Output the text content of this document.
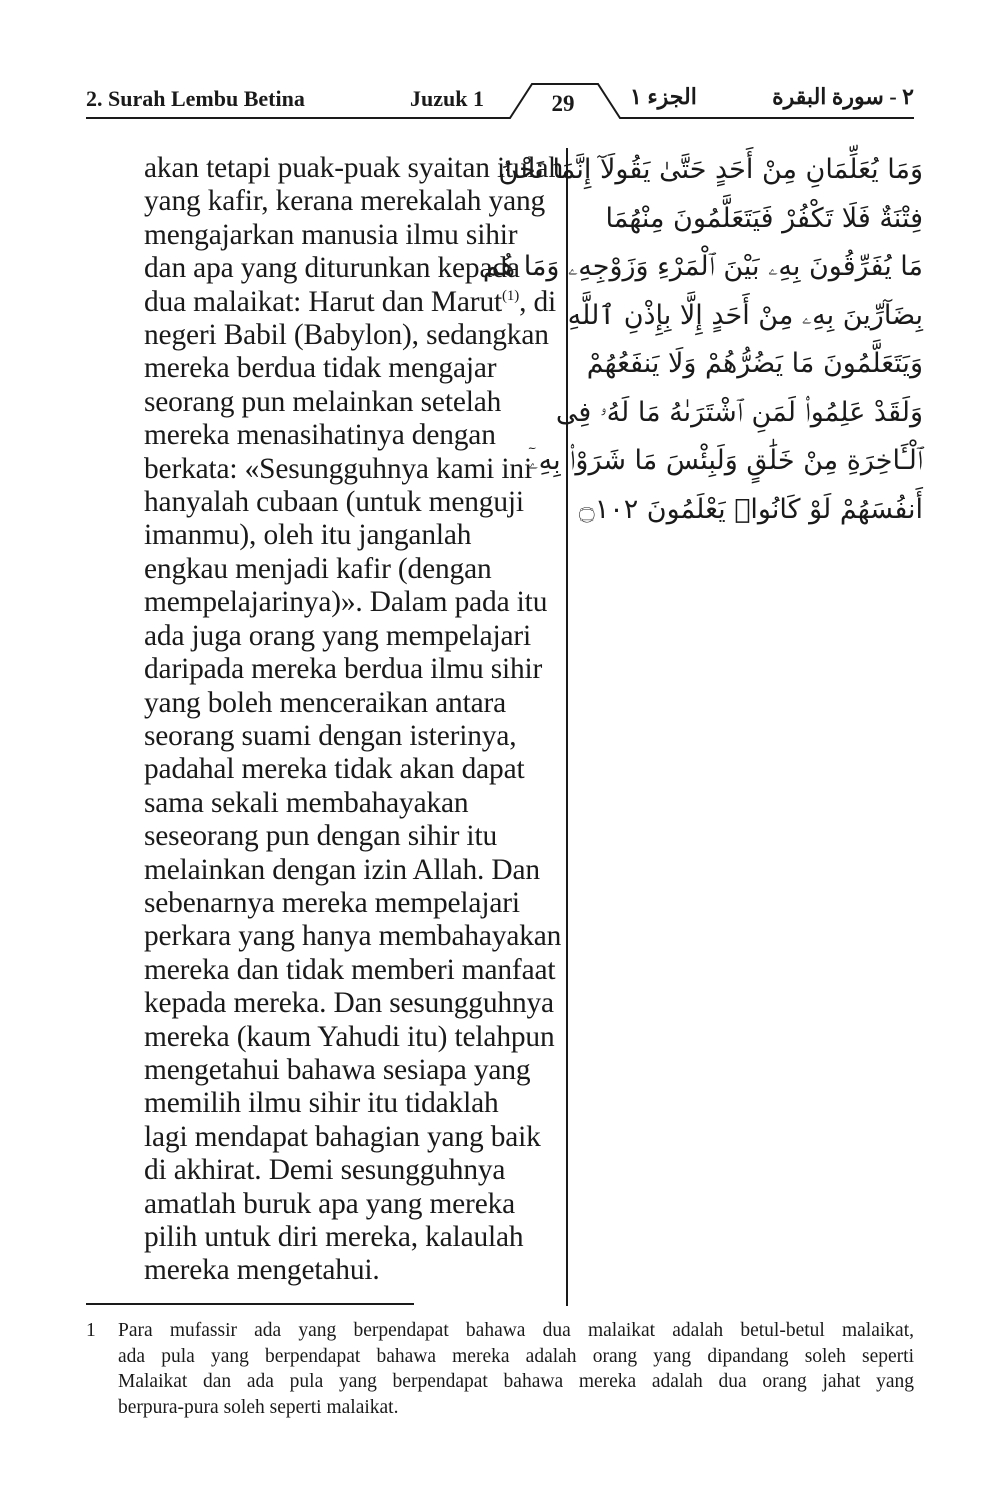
2. Surah Lembu Betina	Juzuk 1	29	الجزء ١	٢ - سورة البقرة
akan tetapi puak-puak syaitan itulah
yang kafir, kerana merekalah yang
mengajarkan manusia ilmu sihir
dan apa yang diturunkan kepada
dua malaikat: Harut dan Marut$^{(1)}$, di
negeri Babil (Babylon), sedangkan
mereka berdua tidak mengajar
seorang pun melainkan setelah
mereka menasihatinya dengan
berkata: «Sesungguhnya kami ini
hanyalah cubaan (untuk menguji
imanmu), oleh itu janganlah
engkau menjadi kafir (dengan
mempelajarinya)». Dalam pada itu
ada juga orang yang mempelajari
daripada mereka berdua ilmu sihir
yang boleh menceraikan antara
seorang suami dengan isterinya,
padahal mereka tidak akan dapat
sama sekali membahayakan
seseorang pun dengan sihir itu
melainkan dengan izin Allah. Dan
sebenarnya mereka mempelajari
perkara yang hanya membahayakan
mereka dan tidak memberi manfaat
kepada mereka. Dan sesungguhnya
mereka (kaum Yahudi itu) telahpun
mengetahui bahawa sesiapa yang
memilih ilmu sihir itu tidaklah
lagi mendapat bahagian yang baik
di akhirat. Demi sesungguhnya
amatlah buruk apa yang mereka
pilih untuk diri mereka, kalaulah
mereka mengetahui.
وَمَا يُعَلِّمَانِ مِنْ أَحَدٍ حَتَّىٰ يَقُولَآ إِنَّمَا نَحْنُ
فِتْنَةٌ فَلَا تَكْفُرْ فَيَتَعَلَّمُونَ مِنْهُمَا
مَا يُفَرِّقُونَ بِهِۦ بَيْنَ ٱلْمَرْءِ وَزَوْجِهِۦ وَمَا هُم
بِضَآرِّينَ بِهِۦ مِنْ أَحَدٍ إِلَّا بِإِذْنِ ٱللَّهِ
وَيَتَعَلَّمُونَ مَا يَضُرُّهُمْ وَلَا يَنفَعُهُمْ
وَلَقَدْ عَلِمُوا۟ لَمَنِ ٱشْتَرَىٰهُ مَا لَهُۥ فِى
ٱلْـَٔاخِرَةِ مِنْ خَلَٰقٍ وَلَبِئْسَ مَا شَرَوْا۟ بِهِۦٓ
أَنفُسَهُمْ لَوْ كَانُوا۟ يَعْلَمُونَ ۝١٠٢
1 Para mufassir ada yang berpendapat bahawa dua malaikat adalah betul-betul malaikat,
ada pula yang berpendapat bahawa mereka adalah orang yang dipandang soleh seperti
Malaikat dan ada pula yang berpendapat bahawa mereka adalah dua orang jahat yang
berpura-pura soleh seperti malaikat.
